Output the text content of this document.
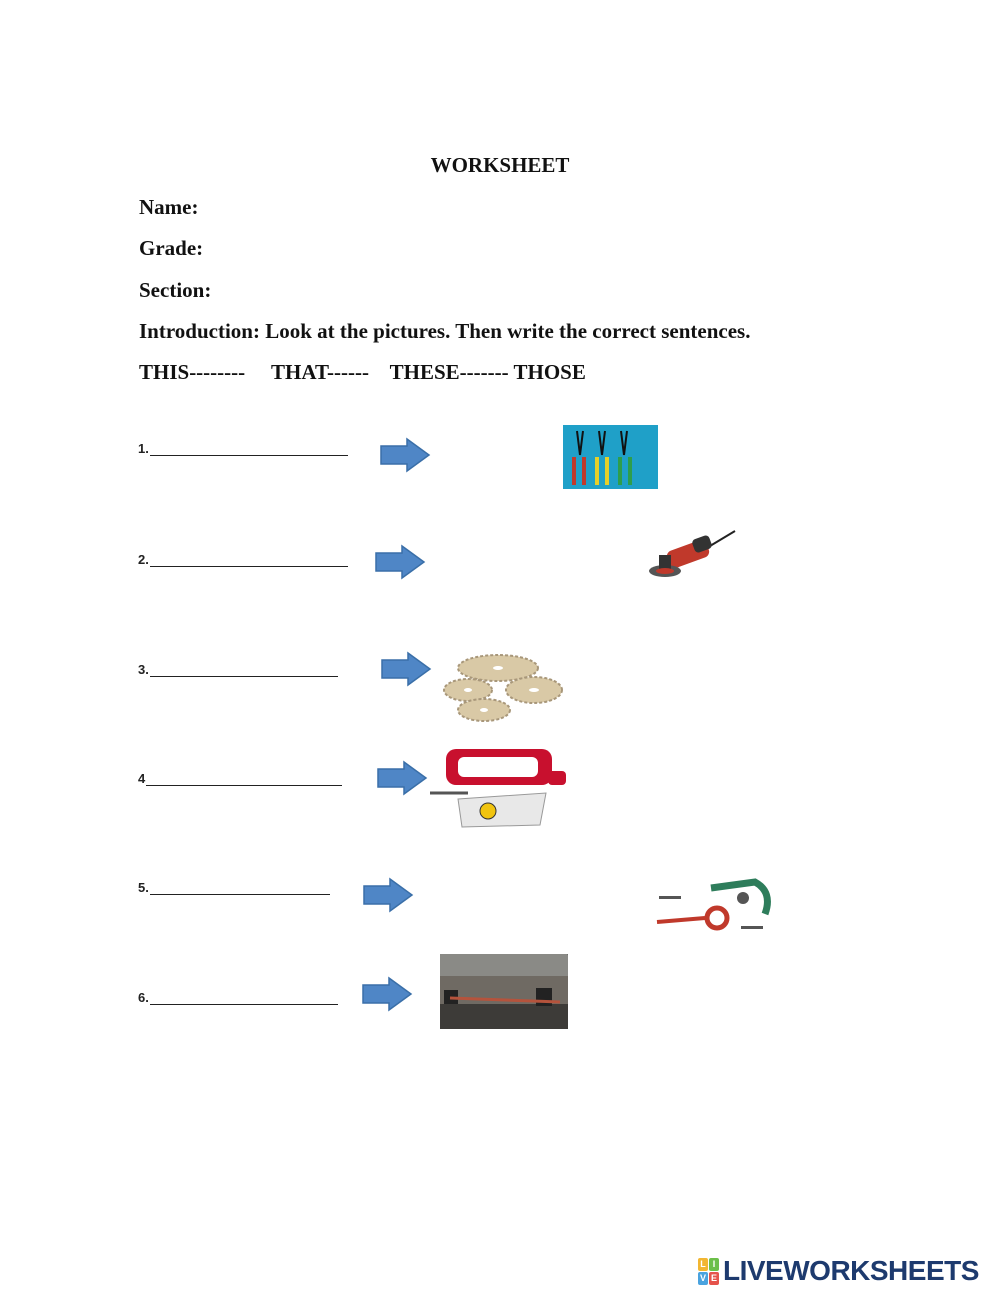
WORKSHEET
Name:
Grade:
Section:
Introduction: Look at the pictures. Then write the correct sentences.
THIS--------     THAT------    THESE------- THOSE
1.
2.
3.
4
5.
6.
L I
V E LIVEWORKSHEETS
